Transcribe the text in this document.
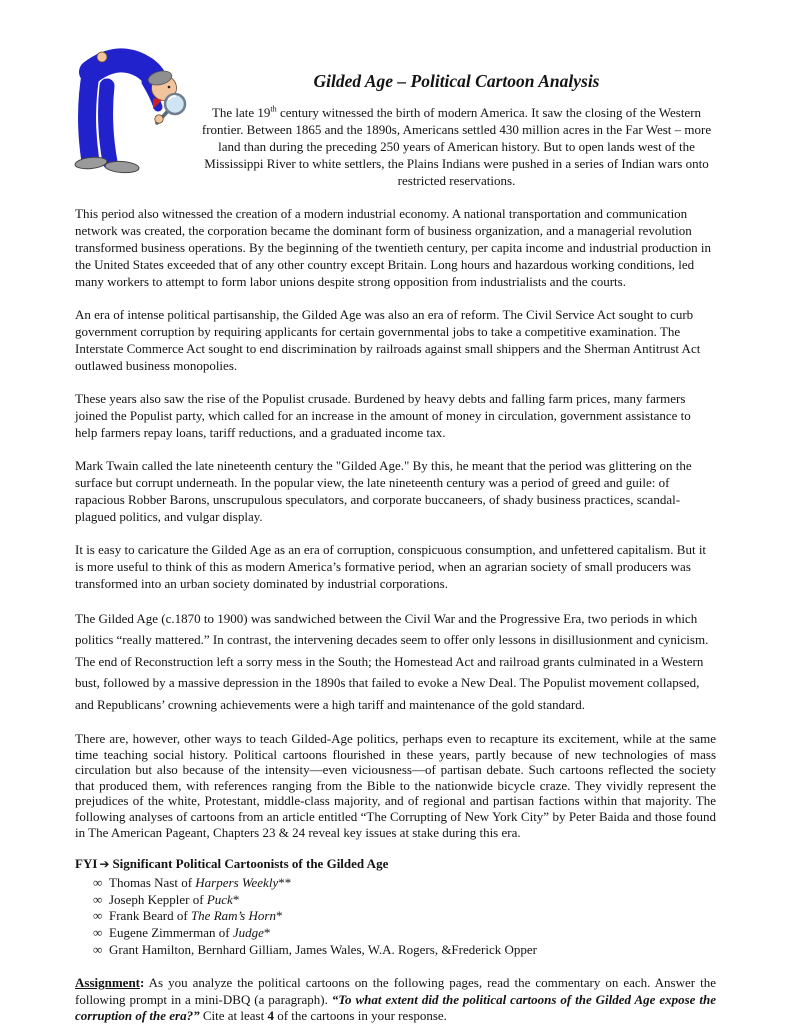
Gilded Age – Political Cartoon Analysis

The late 19th century witnessed the birth of modern America. It saw the closing of the Western frontier. Between 1865 and the 1890s, Americans settled 430 million acres in the Far West – more land than during the preceding 250 years of American history. But to open lands west of the Mississippi River to white settlers, the Plains Indians were pushed in a series of Indian wars onto restricted reservations.

This period also witnessed the creation of a modern industrial economy. A national transportation and communication network was created, the corporation became the dominant form of business organization, and a managerial revolution transformed business operations. By the beginning of the twentieth century, per capita income and industrial production in the United States exceeded that of any other country except Britain. Long hours and hazardous working conditions, led many workers to attempt to form labor unions despite strong opposition from industrialists and the courts.

An era of intense political partisanship, the Gilded Age was also an era of reform. The Civil Service Act sought to curb government corruption by requiring applicants for certain governmental jobs to take a competitive examination. The Interstate Commerce Act sought to end discrimination by railroads against small shippers and the Sherman Antitrust Act outlawed business monopolies.

These years also saw the rise of the Populist crusade. Burdened by heavy debts and falling farm prices, many farmers joined the Populist party, which called for an increase in the amount of money in circulation, government assistance to help farmers repay loans, tariff reductions, and a graduated income tax.

Mark Twain called the late nineteenth century the "Gilded Age." By this, he meant that the period was glittering on the surface but corrupt underneath. In the popular view, the late nineteenth century was a period of greed and guile: of rapacious Robber Barons, unscrupulous speculators, and corporate buccaneers, of shady business practices, scandal-plagued politics, and vulgar display.

It is easy to caricature the Gilded Age as an era of corruption, conspicuous consumption, and unfettered capitalism. But it is more useful to think of this as modern America’s formative period, when an agrarian society of small producers was transformed into an urban society dominated by industrial corporations.

The Gilded Age (c.1870 to 1900) was sandwiched between the Civil War and the Progressive Era, two periods in which politics “really mattered.” In contrast, the intervening decades seem to offer only lessons in disillusionment and cynicism. The end of Reconstruction left a sorry mess in the South; the Homestead Act and railroad grants culminated in a Western bust, followed by a massive depression in the 1890s that failed to evoke a New Deal. The Populist movement collapsed, and Republicans’ crowning achievements were a high tariff and maintenance of the gold standard.

There are, however, other ways to teach Gilded-Age politics, perhaps even to recapture its excitement, while at the same time teaching social history. Political cartoons flourished in these years, partly because of new technologies of mass circulation but also because of the intensity—even viciousness—of partisan debate. Such cartoons reflected the society that produced them, with references ranging from the Bible to the nationwide bicycle craze. They vividly represent the prejudices of the white, Protestant, middle-class majority, and of regional and partisan factions within that majority. The following analyses of cartoons from an article entitled “The Corrupting of New York City” by Peter Baida and those found in The American Pageant, Chapters 23 & 24 reveal key issues at stake during this era.

FYI ➔ Significant Political Cartoonists of the Gilded Age

∞ Thomas Nast of Harpers Weekly**
∞ Joseph Keppler of Puck*
∞ Frank Beard of The Ram’s Horn*
∞ Eugene Zimmerman of Judge*
∞ Grant Hamilton, Bernhard Gilliam, James Wales, W.A. Rogers, &Frederick Opper

Assignment: As you analyze the political cartoons on the following pages, read the commentary on each. Answer the following prompt in a mini-DBQ (a paragraph). “To what extent did the political cartoons of the Gilded Age expose the corruption of the era?” Cite at least 4 of the cartoons in your response.
